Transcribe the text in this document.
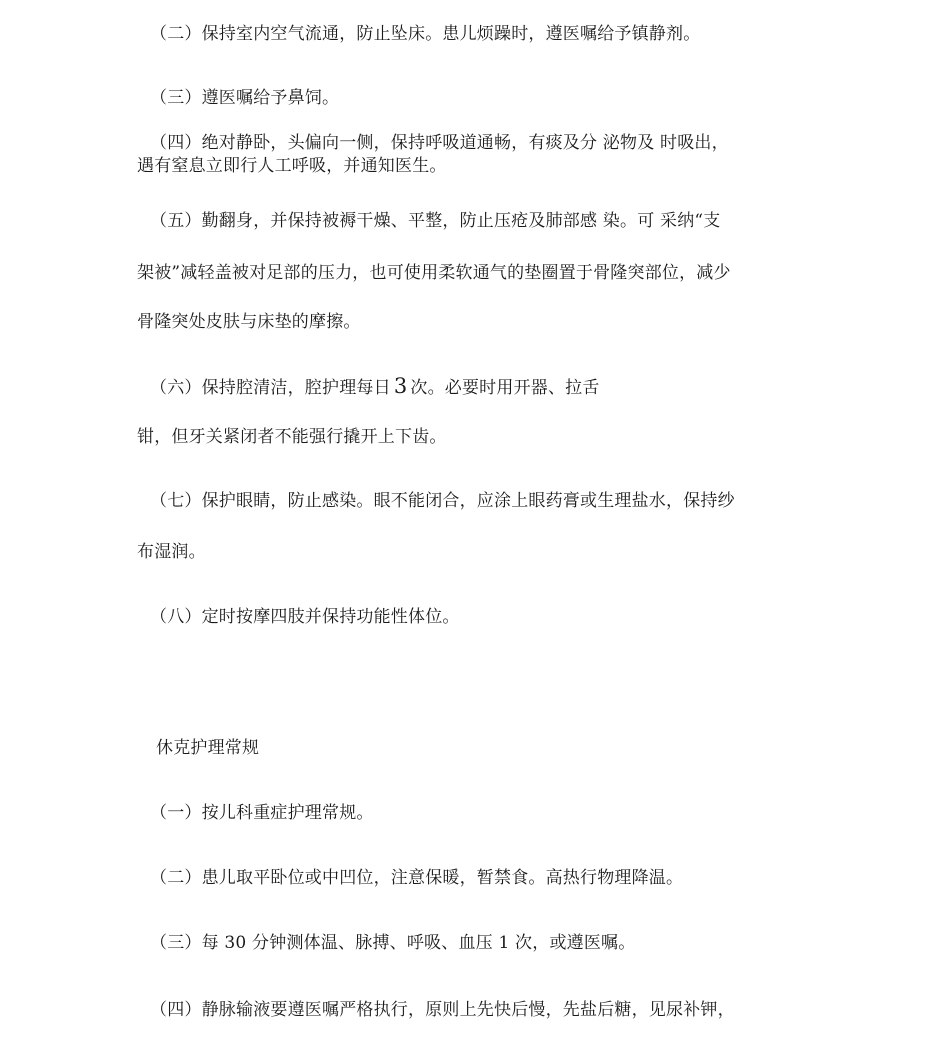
（二）保持室内空气流通，防止坠床。患儿烦躁时，遵医嘱给予镇静剂。

（三）遵医嘱给予鼻饲。

（四）绝对静卧，头偏向一侧，保持呼吸道通畅，有痰及分 泌物及 时吸出，

遇有窒息立即行人工呼吸，并通知医生。

（五）勤翻身，并保持被褥干燥、平整，防止压疮及肺部感 染。可 采纳“支

架被”减轻盖被对足部的压力，也可使用柔软通气的垫圈置于骨隆突部位，减少

骨隆突处皮肤与床垫的摩擦。

（六）保持腔清洁，腔护理每日 3 次。必要时用开器、拉舌

钳，但牙关紧闭者不能强行撬开上下齿。

（七）保护眼睛，防止感染。眼不能闭合，应涂上眼药膏或生理盐水，保持纱

布湿润。

（八）定时按摩四肢并保持功能性体位。

休克护理常规

（一）按儿科重症护理常规。

（二）患儿取平卧位或中凹位，注意保暖，暂禁食。高热行物理降温。

（三）每 30 分钟测体温、脉搏、呼吸、血压 1 次，或遵医嘱。

（四）静脉输液要遵医嘱严格执行，原则上先快后慢，先盐后糖，见尿补钾，
